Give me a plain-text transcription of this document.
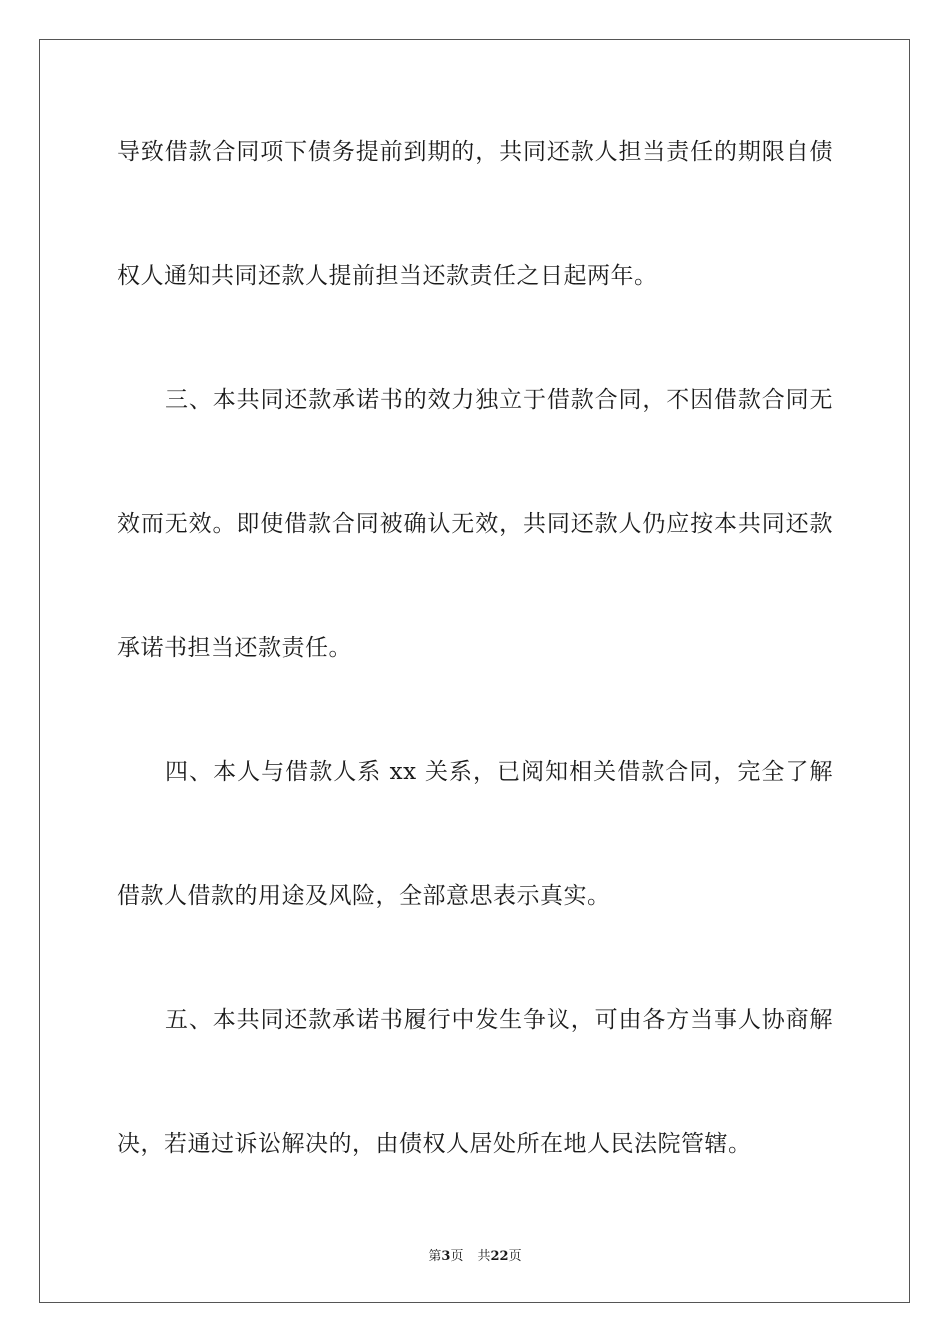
导致借款合同项下债务提前到期的，共同还款人担当责任的期限自债
权人通知共同还款人提前担当还款责任之日起两年。
三、本共同还款承诺书的效力独立于借款合同，不因借款合同无
效而无效。即使借款合同被确认无效，共同还款人仍应按本共同还款
承诺书担当还款责任。
四、本人与借款人系 xx 关系，已阅知相关借款合同，完全了解
借款人借款的用途及风险，全部意思表示真实。
五、本共同还款承诺书履行中发生争议，可由各方当事人协商解
决，若通过诉讼解决的，由债权人居处所在地人民法院管辖。
第3页 共22页
